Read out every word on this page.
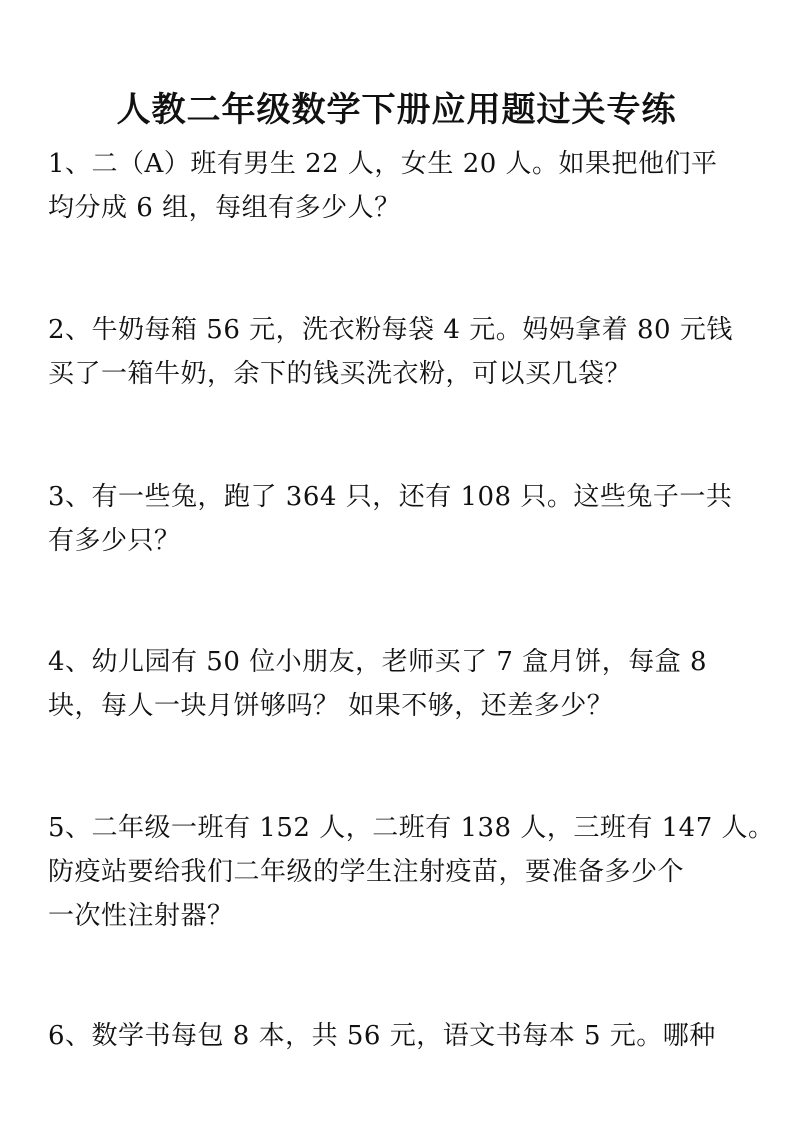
人教二年级数学下册应用题过关专练
1、二（A）班有男生 22 人，女生 20 人。如果把他们平
均分成 6 组，每组有多少人？
2、牛奶每箱 56 元，洗衣粉每袋 4 元。妈妈拿着 80 元钱
买了一箱牛奶，余下的钱买洗衣粉，可以买几袋？
3、有一些兔，跑了 364 只，还有 108 只。这些兔子一共
有多少只？
4、幼儿园有 50 位小朋友，老师买了 7 盒月饼，每盒 8
块，每人一块月饼够吗？ 如果不够，还差多少？
5、二年级一班有 152 人，二班有 138 人，三班有 147 人。
防疫站要给我们二年级的学生注射疫苗，要准备多少个
一次性注射器？
6、数学书每包 8 本，共 56 元，语文书每本 5 元。哪种
